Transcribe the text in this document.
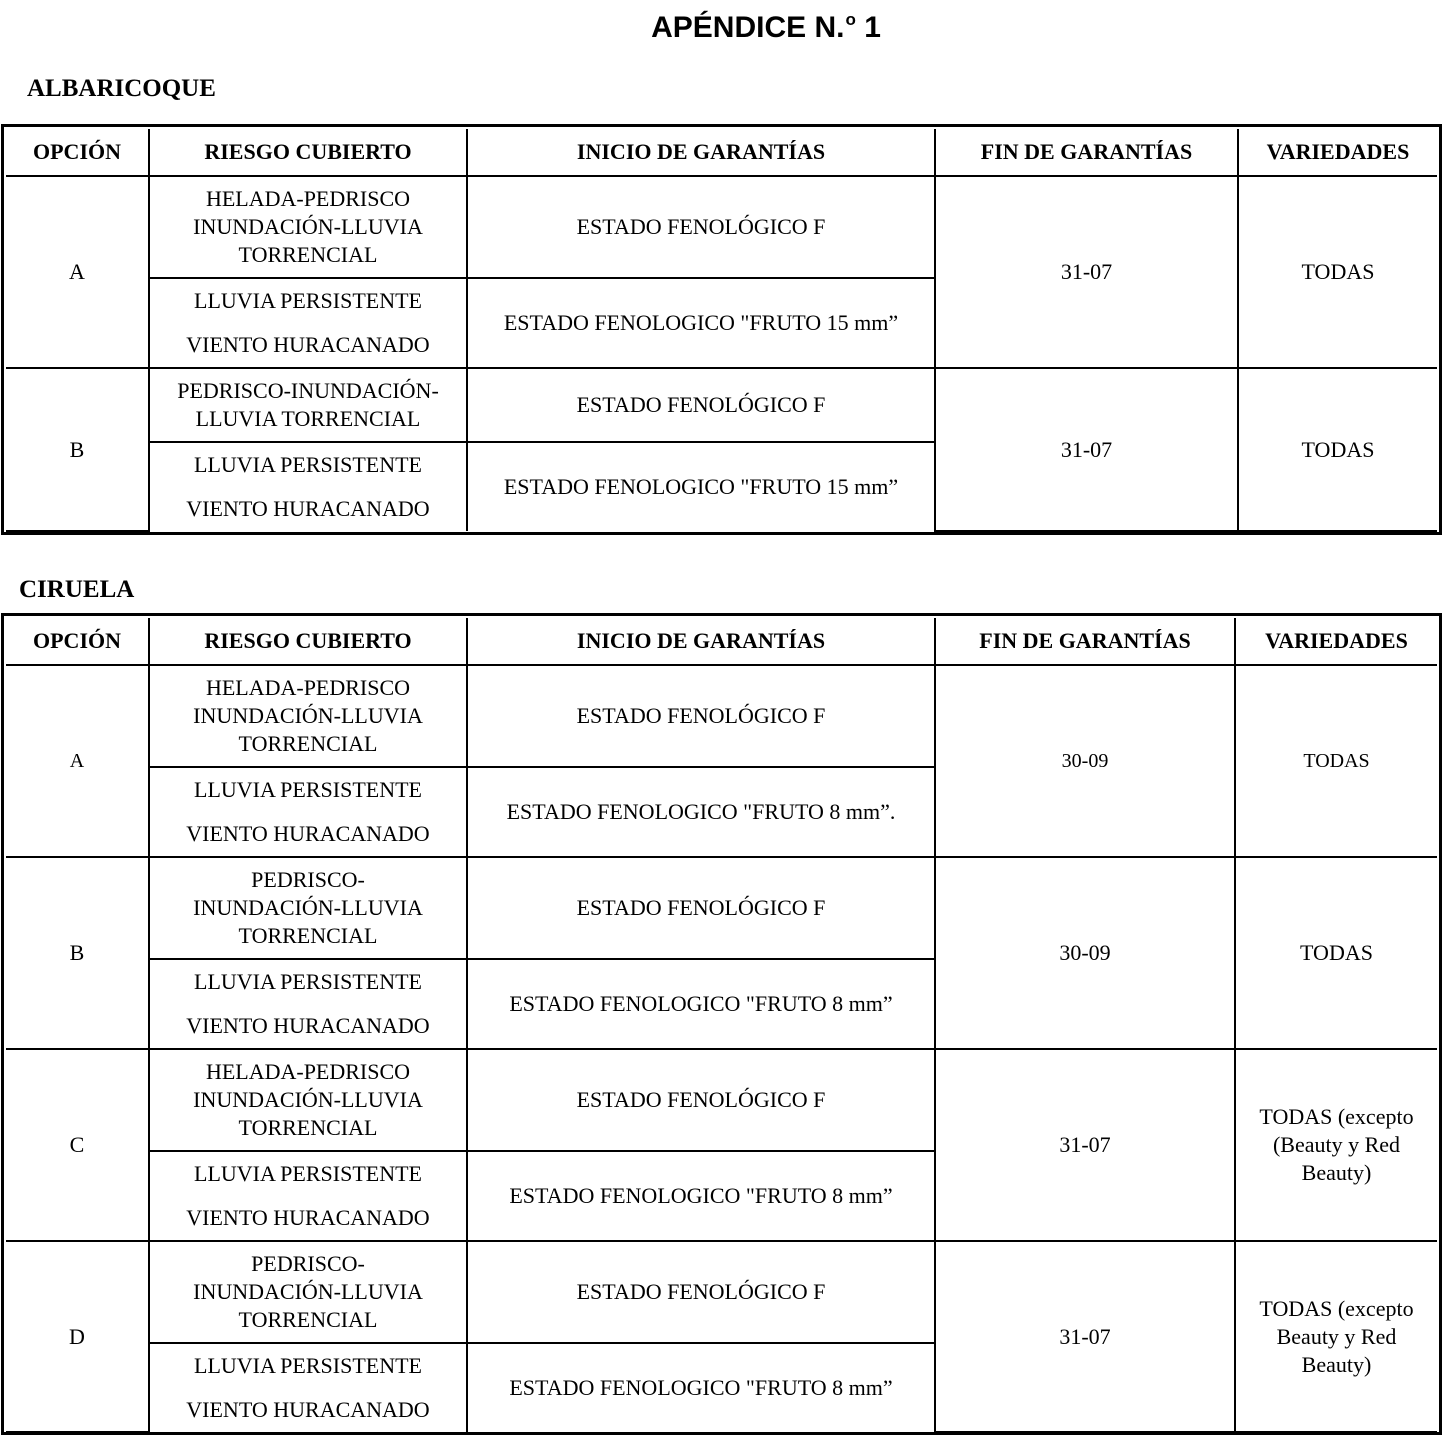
APÉNDICE N.$^o$ 1
ALBARICOQUE
OPCIÓN	RIESGO CUBIERTO	INICIO DE GARANTÍAS	FIN DE GARANTÍAS	VARIEDADES
A	HELADA-PEDRISCO
INUNDACIÓN-LLUVIA
TORRENCIAL	ESTADO FENOLÓGICO F	31-07	TODAS
	LLUVIA PERSISTENTE
VIENTO HURACANADO	ESTADO FENOLOGICO "FRUTO 15 mm”		
B	PEDRISCO-INUNDACIÓN-
LLUVIA TORRENCIAL	ESTADO FENOLÓGICO F	31-07	TODAS
	LLUVIA PERSISTENTE
VIENTO HURACANADO	ESTADO FENOLOGICO "FRUTO 15 mm”		
CIRUELA
OPCIÓN	RIESGO CUBIERTO	INICIO DE GARANTÍAS	FIN DE GARANTÍAS	VARIEDADES
A	HELADA-PEDRISCO
INUNDACIÓN-LLUVIA
TORRENCIAL	ESTADO FENOLÓGICO F	30-09	TODAS
	LLUVIA PERSISTENTE
VIENTO HURACANADO	ESTADO FENOLOGICO "FRUTO 8 mm”.		
B	PEDRISCO-
INUNDACIÓN-LLUVIA
TORRENCIAL	ESTADO FENOLÓGICO F	30-09	TODAS
	LLUVIA PERSISTENTE
VIENTO HURACANADO	ESTADO FENOLOGICO "FRUTO 8 mm”		
C	HELADA-PEDRISCO
INUNDACIÓN-LLUVIA
TORRENCIAL	ESTADO FENOLÓGICO F	31-07	TODAS (excepto
(Beauty y Red
Beauty)
	LLUVIA PERSISTENTE
VIENTO HURACANADO	ESTADO FENOLOGICO "FRUTO 8 mm”		
D	PEDRISCO-
INUNDACIÓN-LLUVIA
TORRENCIAL	ESTADO FENOLÓGICO F	31-07	TODAS (excepto
Beauty y Red
Beauty)
	LLUVIA PERSISTENTE
VIENTO HURACANADO	ESTADO FENOLOGICO "FRUTO 8 mm”		
